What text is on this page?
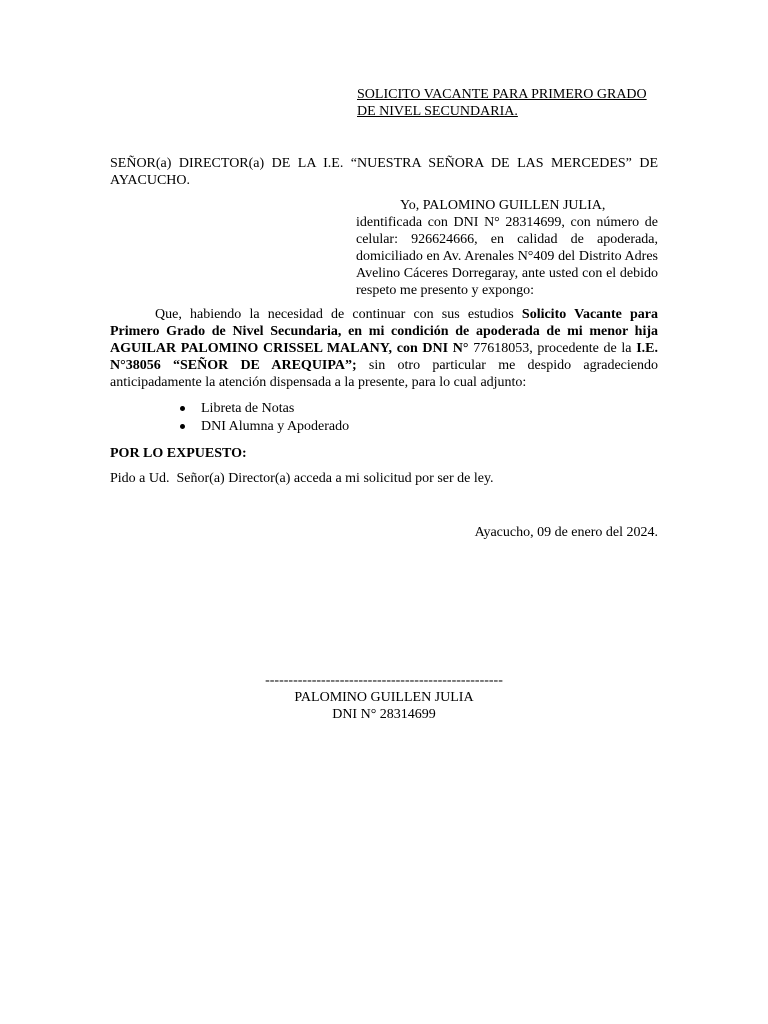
SOLICITO VACANTE PARA PRIMERO GRADO
DE NIVEL SECUNDARIA.
SEÑOR(a) DIRECTOR(a) DE LA I.E. “NUESTRA SEÑORA DE LAS MERCEDES” DE AYACUCHO.
Yo, PALOMINO GUILLEN JULIA,
identificada con DNI N° 28314699, con número de celular: 926624666, en calidad de apoderada, domiciliado en Av. Arenales N°409 del Distrito Adres Avelino Cáceres Dorregaray, ante usted con el debido respeto me presento y expongo:
Que, habiendo la necesidad de continuar con sus estudios Solicito Vacante para Primero Grado de Nivel Secundaria, en mi condición de apoderada de mi menor hija AGUILAR PALOMINO CRISSEL MALANY, con DNI N° 77618053, procedente de la I.E. N°38056 “SEÑOR DE AREQUIPA”; sin otro particular me despido agradeciendo anticipadamente la atención dispensada a la presente, para lo cual adjunto:
Libreta de Notas
DNI Alumna y Apoderado
POR LO EXPUESTO:
Pido a Ud.  Señor(a) Director(a) acceda a mi solicitud por ser de ley.
Ayacucho, 09 de enero del 2024.
---------------------------------------------------
PALOMINO GUILLEN JULIA
DNI N° 28314699
